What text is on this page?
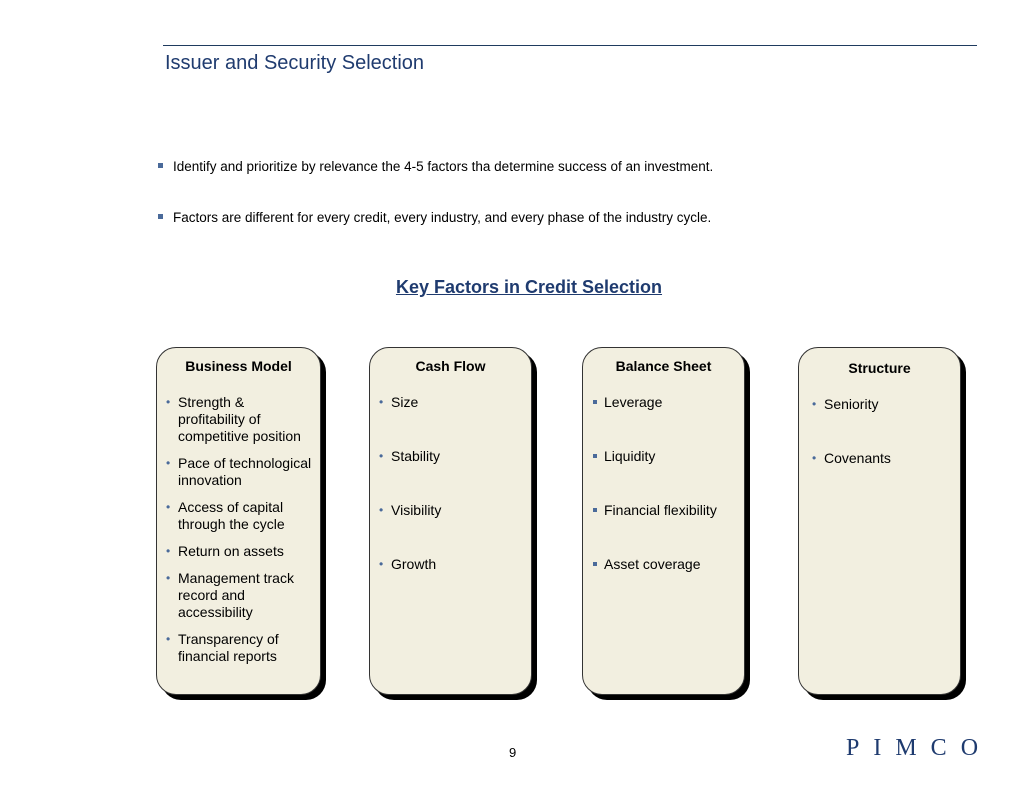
Issuer and Security Selection
Identify and prioritize by relevance the 4-5 factors tha determine success of an investment.
Factors are different for every credit, every industry, and every phase of the industry cycle.
Key Factors in Credit Selection
Business Model
• Strength & profitability of competitive position
• Pace of technological innovation
• Access of capital through the cycle
• Return on assets
• Management track record and accessibility
• Transparency of financial reports
Cash Flow
• Size
• Stability
• Visibility
• Growth
Balance Sheet
Leverage
Liquidity
Financial flexibility
Asset coverage
Structure
• Seniority
• Covenants
9	PIMCO
